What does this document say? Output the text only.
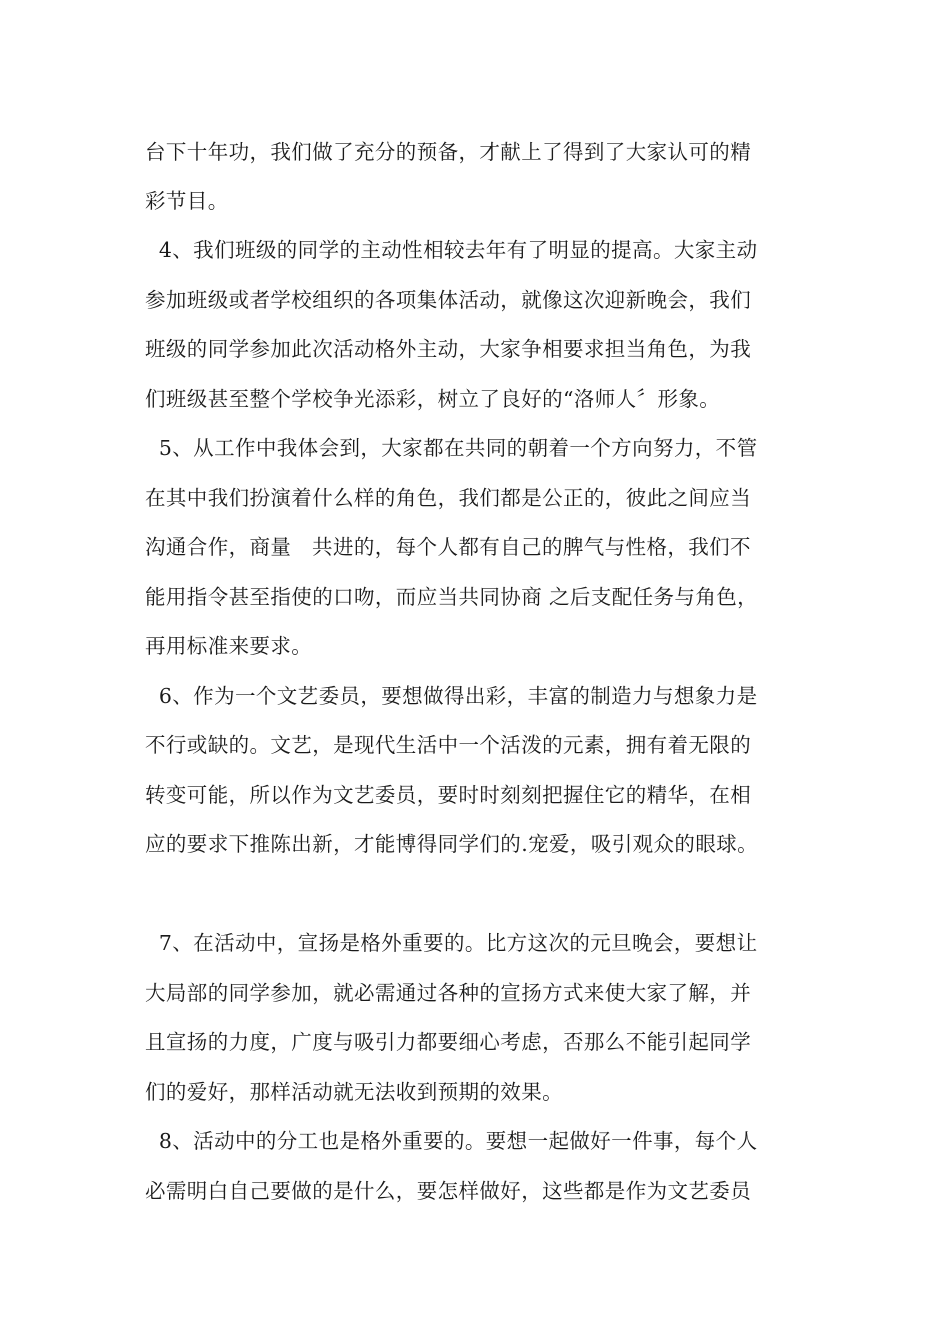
台下十年功，我们做了充分的预备，才献上了得到了大家认可的精
彩节目。
4、我们班级的同学的主动性相较去年有了明显的提高。大家主动
参加班级或者学校组织的各项集体活动，就像这次迎新晚会，我们
班级的同学参加此次活动格外主动，大家争相要求担当角色，为我
们班级甚至整个学校争光添彩，树立了良好的“洛师人〞形象。
5、从工作中我体会到，大家都在共同的朝着一个方向努力，不管
在其中我们扮演着什么样的角色，我们都是公正的，彼此之间应当
沟通合作，商量   共进的，每个人都有自己的脾气与性格，我们不
能用指令甚至指使的口吻，而应当共同协商 之后支配任务与角色，
再用标准来要求。
6、作为一个文艺委员，要想做得出彩，丰富的制造力与想象力是
不行或缺的。文艺，是现代生活中一个活泼的元素，拥有着无限的
转变可能，所以作为文艺委员，要时时刻刻把握住它的精华，在相
应的要求下推陈出新，才能博得同学们的.宠爱，吸引观众的眼球。
7、在活动中，宣扬是格外重要的。比方这次的元旦晚会，要想让
大局部的同学参加，就必需通过各种的宣扬方式来使大家了解，并
且宣扬的力度，广度与吸引力都要细心考虑，否那么不能引起同学
们的爱好，那样活动就无法收到预期的效果。
8、活动中的分工也是格外重要的。要想一起做好一件事，每个人
必需明白自己要做的是什么，要怎样做好，这些都是作为文艺委员
